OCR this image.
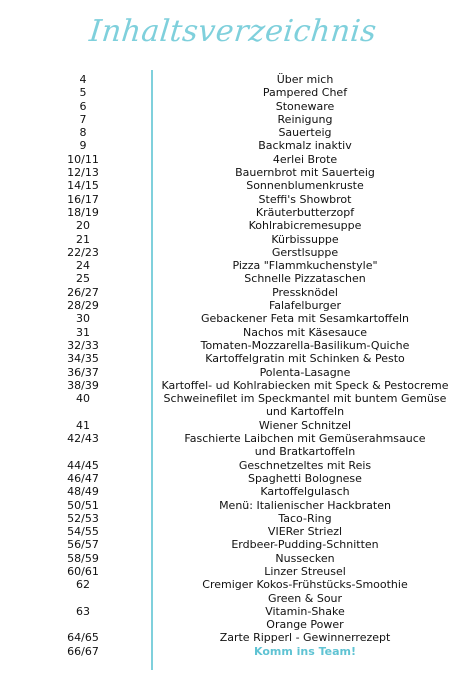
Inhaltsverzeichnis
4	Über mich
5	Pampered Chef
6	Stoneware
7	Reinigung
8	Sauerteig
9	Backmalz inaktiv
10/11	4erlei Brote
12/13	Bauernbrot mit Sauerteig
14/15	Sonnenblumenkruste
16/17	Steffi's Showbrot
18/19	Kräuterbutterzopf
20	Kohlrabicremesuppe
21	Kürbissuppe
22/23	Gerstlsuppe
24	Pizza "Flammkuchenstyle"
25	Schnelle Pizzataschen
26/27	Pressknödel
28/29	Falafelburger
30	Gebackener Feta mit Sesamkartoffeln
31	Nachos mit Käsesauce
32/33	Tomaten-Mozzarella-Basilikum-Quiche
34/35	Kartoffelgratin mit Schinken & Pesto
36/37	Polenta-Lasagne
38/39	Kartoffel- ud Kohlrabiecken mit Speck & Pestocreme
40	Schweinefilet im Speckmantel mit buntem Gemüse
und Kartoffeln
41	Wiener Schnitzel
42/43	Faschierte Laibchen mit Gemüserahmsauce
und Bratkartoffeln
44/45	Geschnetzeltes mit Reis
46/47	Spaghetti Bolognese
48/49	Kartoffelgulasch
50/51	Menü: Italienischer Hackbraten
52/53	Taco-Ring
54/55	VIERer Striezl
56/57	Erdbeer-Pudding-Schnitten
58/59	Nussecken
60/61	Linzer Streusel
62	Cremiger Kokos-Frühstücks-Smoothie
Green & Sour
63	Vitamin-Shake
Orange Power
64/65	Zarte Ripperl - Gewinnerrezept
66/67	Komm ins Team!
